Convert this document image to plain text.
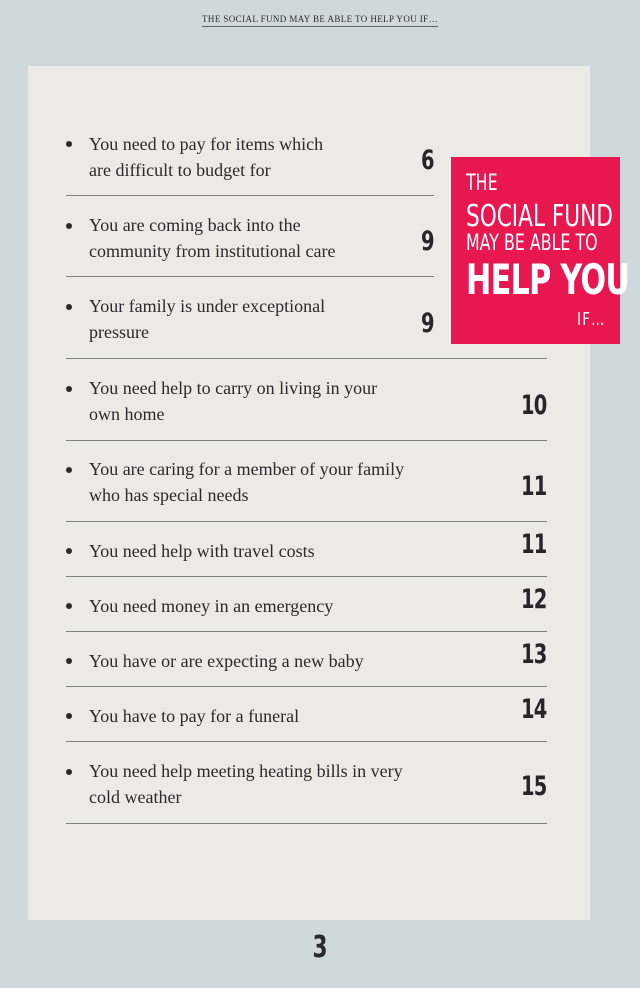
THE SOCIAL FUND MAY BE ABLE TO HELP YOU IF…
You need to pay for items which
are difficult to budget for	6
You are coming back into the
community from institutional care	9
Your family is under exceptional
pressure	9
You need help to carry on living in your
own home	10
You are caring for a member of your family
who has special needs	11
You need help with travel costs	11
You need money in an emergency	12
You have or are expecting a new baby	13
You have to pay for a funeral	14
You need help meeting heating bills in very
cold weather	15
THE
SOCIAL FUND
MAY BE ABLE TO
HELP YOU
IF…
3
